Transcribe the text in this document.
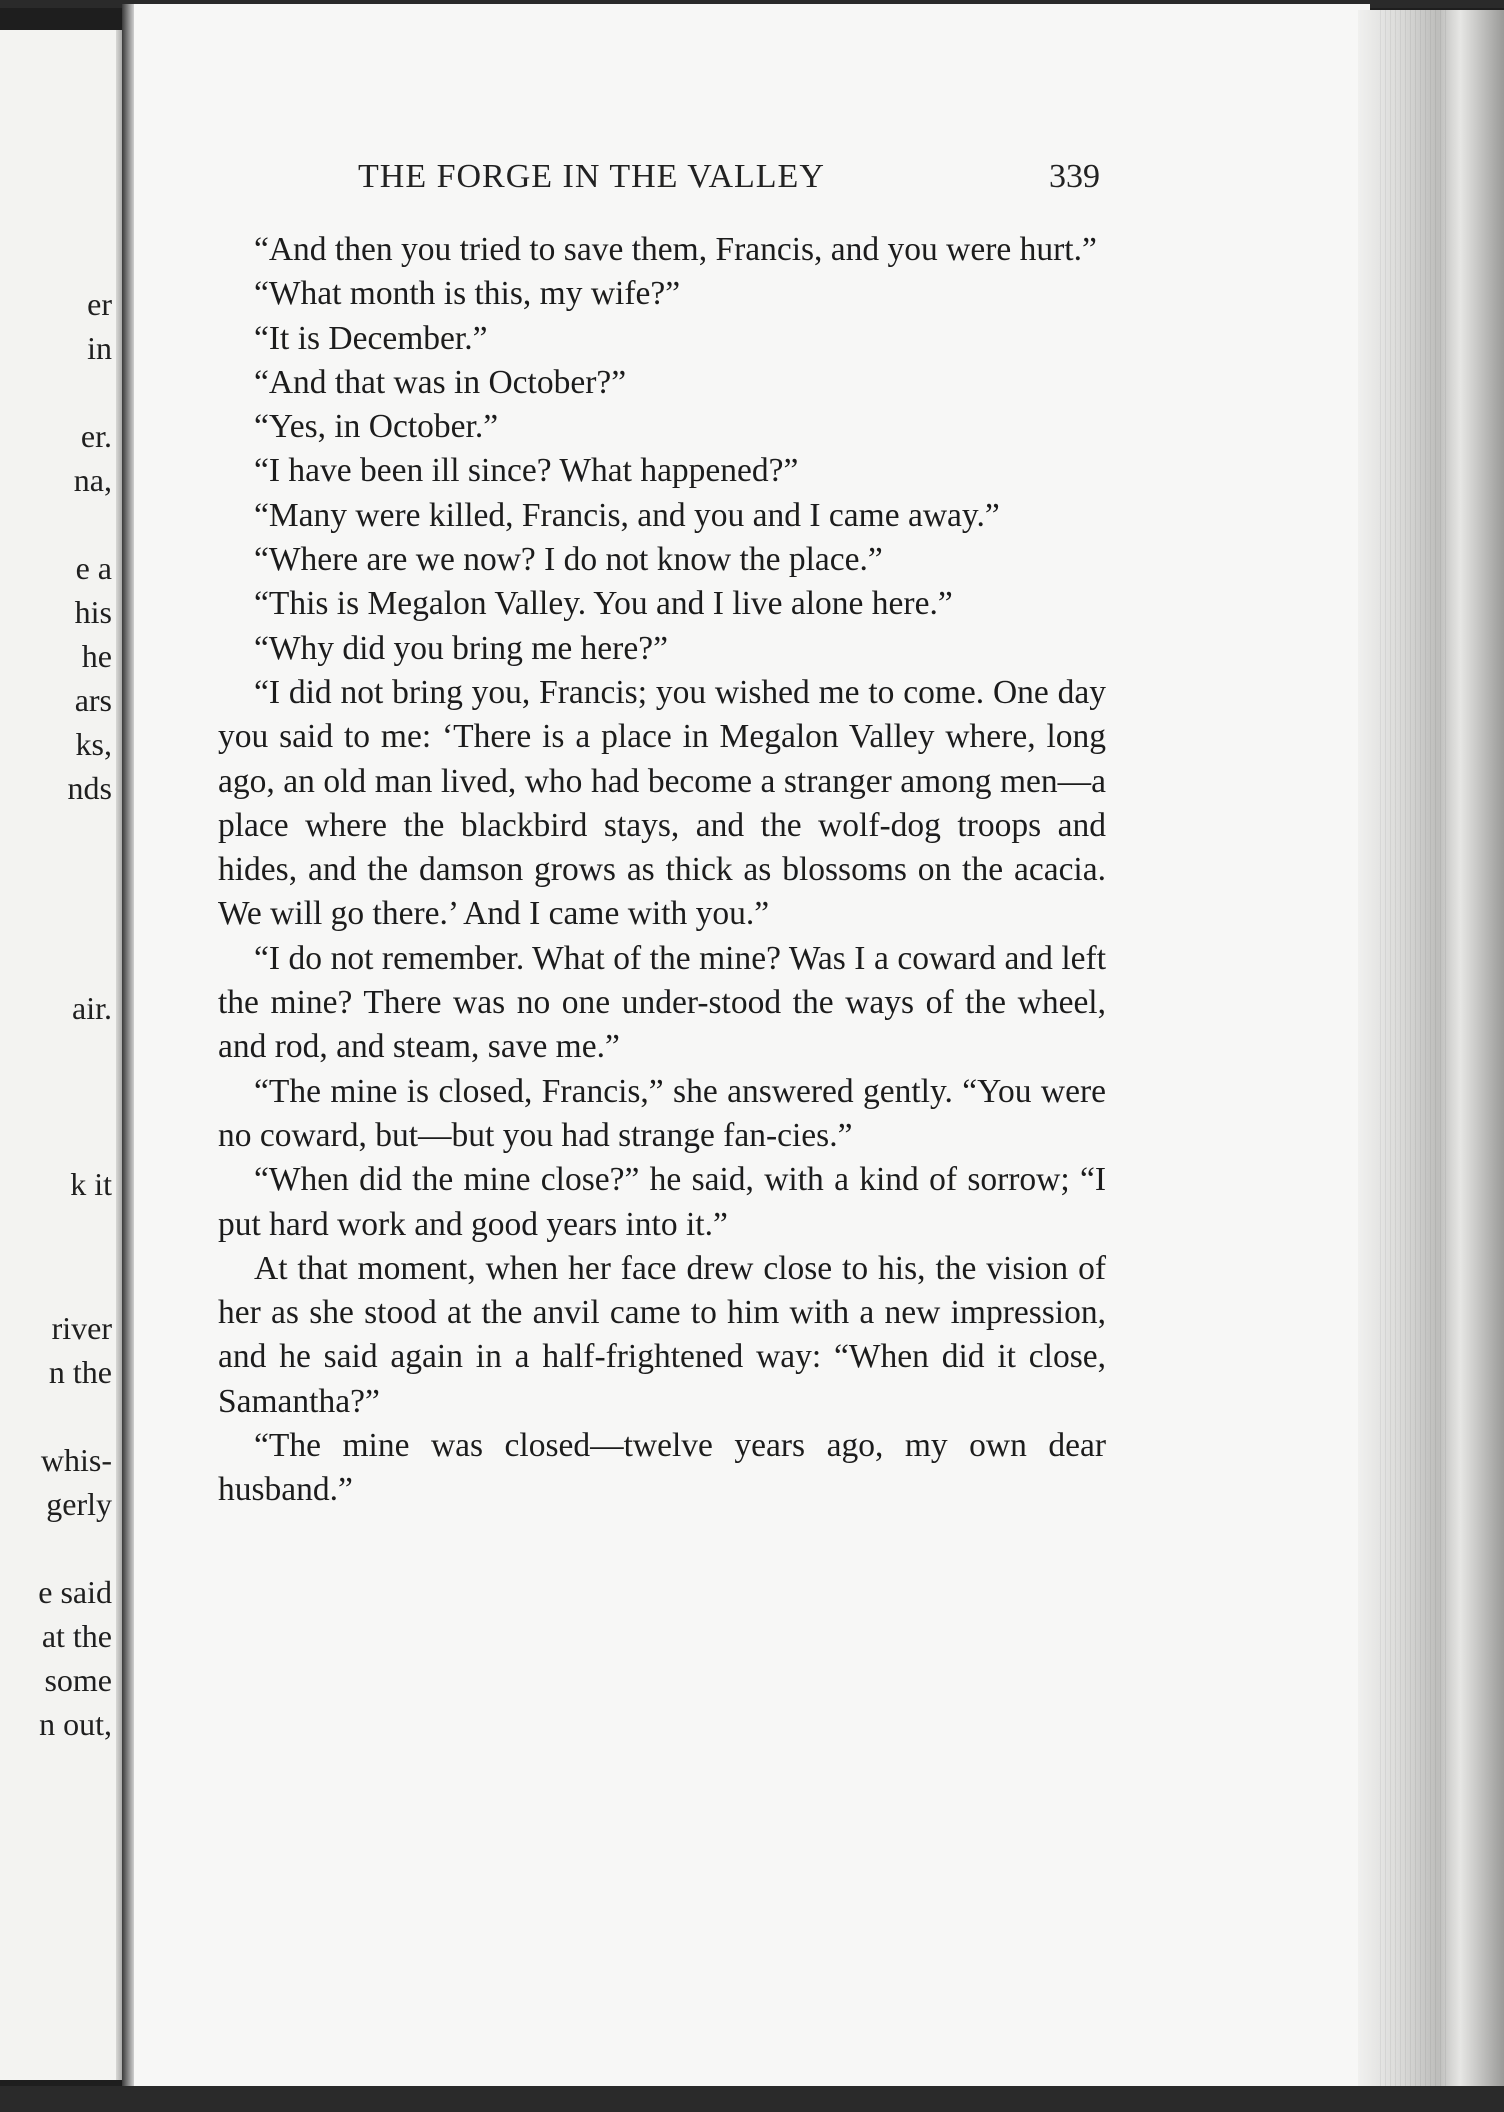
er
in
er.
na,
e a
his
he
ars
ks,
nds
air.
k it
river
n the
whis-
gerly
e said
at the
some
n out,
THE FORGE IN THE VALLEY	339

“And then you tried to save them, Francis, and you were hurt.”

“What month is this, my wife?”

“It is December.”

“And that was in October?”

“Yes, in October.”

“I have been ill since? What happened?”

“Many were killed, Francis, and you and I came away.”

“Where are we now? I do not know the place.”

“This is Megalon Valley. You and I live alone here.”

“Why did you bring me here?”

“I did not bring you, Francis; you wished me to come. One day you said to me: ‘There is a place in Megalon Valley where, long ago, an old man lived, who had become a stranger among men—a place where the blackbird stays, and the wolf-dog troops and hides, and the damson grows as thick as blossoms on the acacia. We will go there.’ And I came with you.”

“I do not remember. What of the mine? Was I a coward and left the mine? There was no one under-stood the ways of the wheel, and rod, and steam, save me.”

“The mine is closed, Francis,” she answered gently. “You were no coward, but—but you had strange fan-cies.”

“When did the mine close?” he said, with a kind of sorrow; “I put hard work and good years into it.”

At that moment, when her face drew close to his, the vision of her as she stood at the anvil came to him with a new impression, and he said again in a half-frightened way: “When did it close, Samantha?”

“The mine was closed—twelve years ago, my own dear husband.”
